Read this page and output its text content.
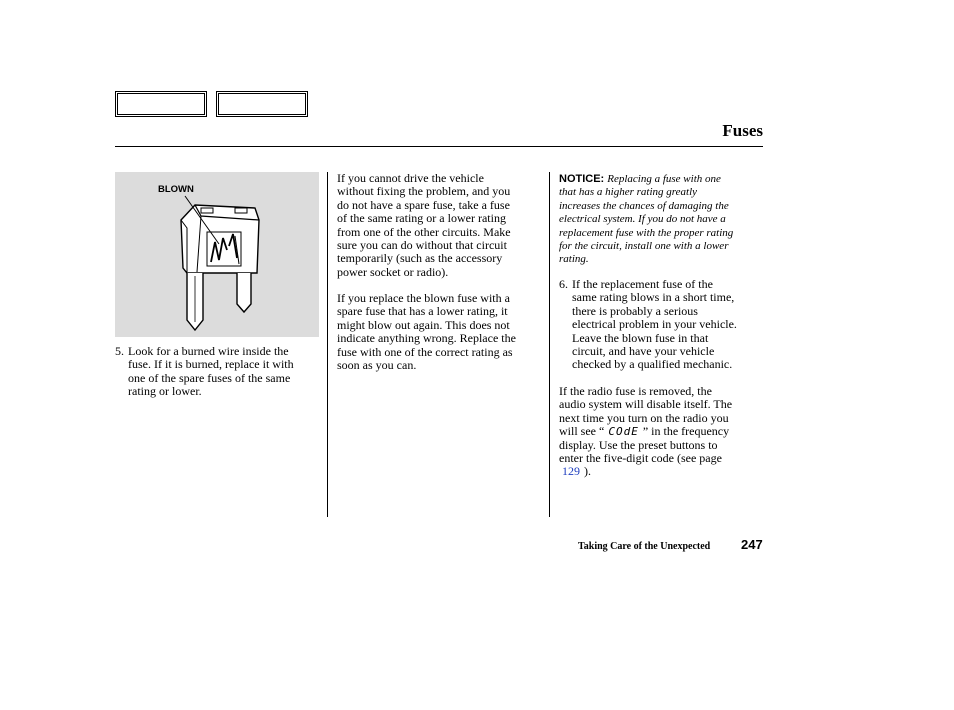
Fuses
BLOWN
5. Look for a burned wire inside the
fuse. If it is burned, replace it with
one of the spare fuses of the same
rating or lower.
If you cannot drive the vehicle
without fixing the problem, and you
do not have a spare fuse, take a fuse
of the same rating or a lower rating
from one of the other circuits. Make
sure you can do without that circuit
temporarily (such as the accessory
power socket or radio).
If you replace the blown fuse with a
spare fuse that has a lower rating, it
might blow out again. This does not
indicate anything wrong. Replace the
fuse with one of the correct rating as
soon as you can.
NOTICE: Replacing a fuse with one
that has a higher rating greatly
increases the chances of damaging the
electrical system. If you do not have a
replacement fuse with the proper rating
for the circuit, install one with a lower
rating.
6. If the replacement fuse of the
same rating blows in a short time,
there is probably a serious
electrical problem in your vehicle.
Leave the blown fuse in that
circuit, and have your vehicle
checked by a qualified mechanic.
If the radio fuse is removed, the
audio system will disable itself. The
next time you turn on the radio you
will see “ COdE ” in the frequency
display. Use the preset buttons to
enter the five-digit code (see page
129 ).
Taking Care of the Unexpected 247
